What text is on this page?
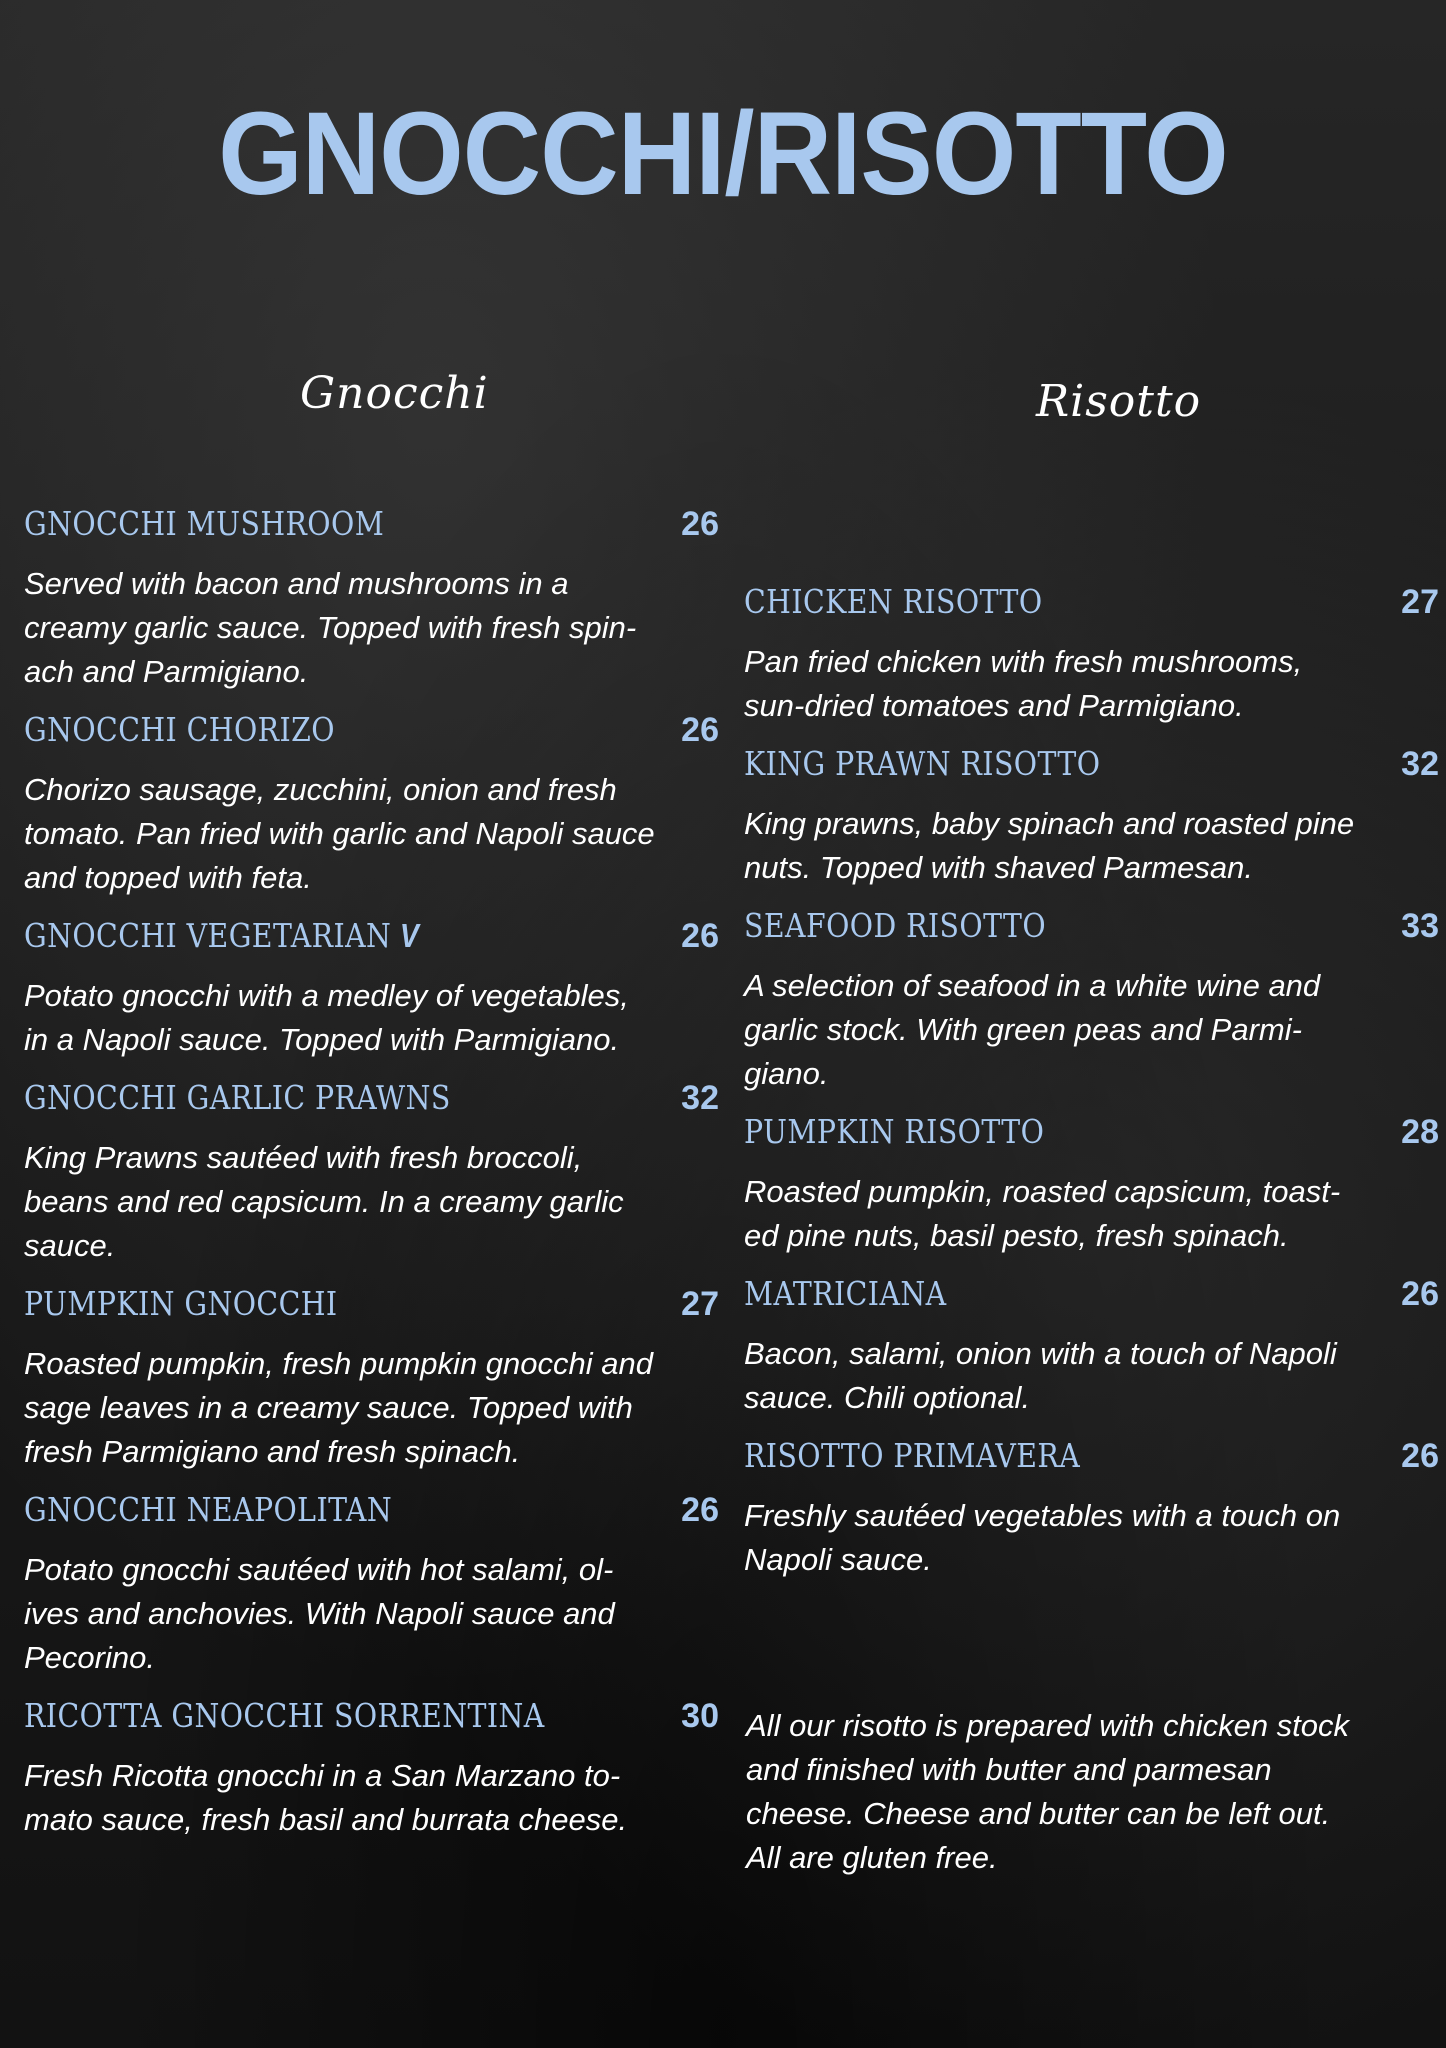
GNOCCHI/RISOTTO
Gnocchi	Risotto
GNOCCHI MUSHROOM	26
Served with bacon and mushrooms in a
creamy garlic sauce. Topped with fresh spin-
ach and Parmigiano.
GNOCCHI CHORIZO	26
Chorizo sausage, zucchini, onion and fresh
tomato. Pan fried with garlic and Napoli sauce
and topped with feta.
GNOCCHI VEGETARIAN V	26
Potato gnocchi with a medley of vegetables,
in a Napoli sauce. Topped with Parmigiano.
GNOCCHI GARLIC PRAWNS	32
King Prawns sautéed with fresh broccoli,
beans and red capsicum. In a creamy garlic
sauce.
PUMPKIN GNOCCHI	27
Roasted pumpkin, fresh pumpkin gnocchi and
sage leaves in a creamy sauce. Topped with
fresh Parmigiano and fresh spinach.
GNOCCHI NEAPOLITAN	26
Potato gnocchi sautéed with hot salami, ol-
ives and anchovies. With Napoli sauce and
Pecorino.
RICOTTA GNOCCHI SORRENTINA	30
Fresh Ricotta gnocchi in a San Marzano to-
mato sauce, fresh basil and burrata cheese.
CHICKEN RISOTTO	27
Pan fried chicken with fresh mushrooms,
sun-dried tomatoes and Parmigiano.
KING PRAWN RISOTTO	32
King prawns, baby spinach and roasted pine
nuts. Topped with shaved Parmesan.
SEAFOOD RISOTTO	33
A selection of seafood in a white wine and
garlic stock. With green peas and Parmi-
giano.
PUMPKIN RISOTTO	28
Roasted pumpkin, roasted capsicum, toast-
ed pine nuts, basil pesto, fresh spinach.
MATRICIANA	26
Bacon, salami, onion with a touch of Napoli
sauce. Chili optional.
RISOTTO PRIMAVERA	26
Freshly sautéed vegetables with a touch on
Napoli sauce.
All our risotto is prepared with chicken stock
and finished with butter and parmesan
cheese. Cheese and butter can be left out.
All are gluten free.
